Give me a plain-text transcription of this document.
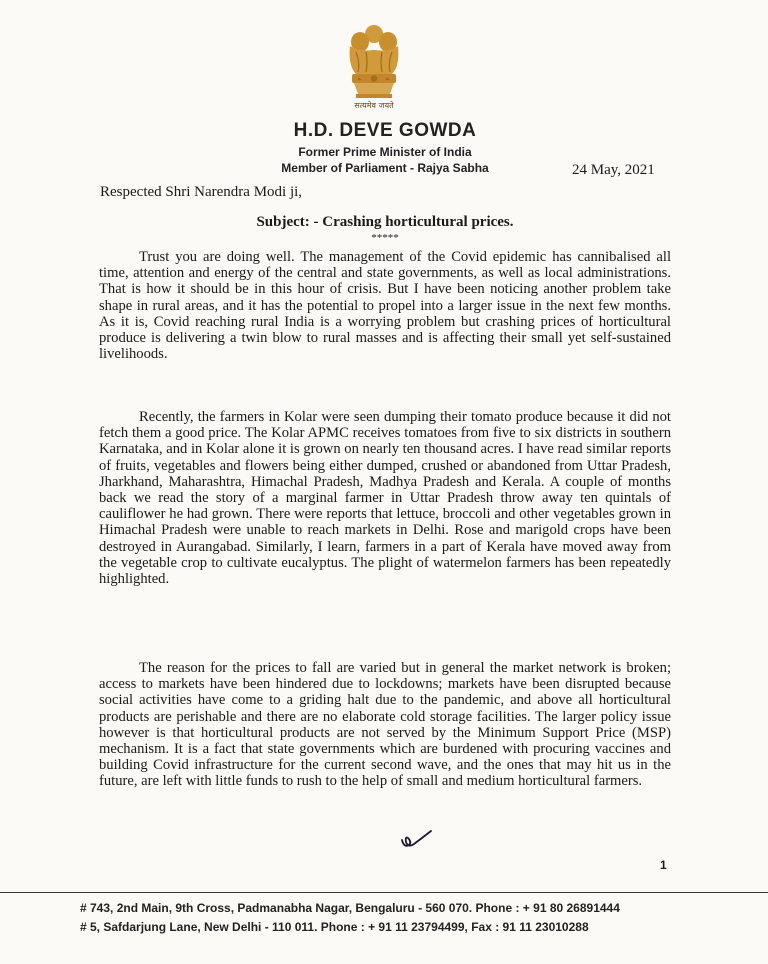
सत्यमेव जयते
H.D. DEVE GOWDA
Former Prime Minister of India
Member of Parliament - Rajya Sabha	24 May, 2021
Respected Shri Narendra Modi ji,
Subject: - Crashing horticultural prices.
*****

Trust you are doing well. The management of the Covid epidemic has cannibalised all time, attention and energy of the central and state governments, as well as local administrations. That is how it should be in this hour of crisis. But I have been noticing another problem take shape in rural areas, and it has the potential to propel into a larger issue in the next few months. As it is, Covid reaching rural India is a worrying problem but crashing prices of horticultural produce is delivering a twin blow to rural masses and is affecting their small yet self-sustained livelihoods.

Recently, the farmers in Kolar were seen dumping their tomato produce because it did not fetch them a good price. The Kolar APMC receives tomatoes from five to six districts in southern Karnataka, and in Kolar alone it is grown on nearly ten thousand acres. I have read similar reports of fruits, vegetables and flowers being either dumped, crushed or abandoned from Uttar Pradesh, Jharkhand, Maharashtra, Himachal Pradesh, Madhya Pradesh and Kerala. A couple of months back we read the story of a marginal farmer in Uttar Pradesh throw away ten quintals of cauliflower he had grown. There were reports that lettuce, broccoli and other vegetables grown in Himachal Pradesh were unable to reach markets in Delhi. Rose and marigold crops have been destroyed in Aurangabad. Similarly, I learn, farmers in a part of Kerala have moved away from the vegetable crop to cultivate eucalyptus. The plight of watermelon farmers has been repeatedly highlighted.

The reason for the prices to fall are varied but in general the market network is broken; access to markets have been hindered due to lockdowns; markets have been disrupted because social activities have come to a griding halt due to the pandemic, and above all horticultural products are perishable and there are no elaborate cold storage facilities. The larger policy issue however is that horticultural products are not served by the Minimum Support Price (MSP) mechanism. It is a fact that state governments which are burdened with procuring vaccines and building Covid infrastructure for the current second wave, and the ones that may hit us in the future, are left with little funds to rush to the help of small and medium horticultural farmers.

1
# 743, 2nd Main, 9th Cross, Padmanabha Nagar, Bengaluru - 560 070. Phone : + 91 80 26891444
# 5, Safdarjung Lane, New Delhi - 110 011. Phone : + 91 11 23794499, Fax : 91 11 23010288
